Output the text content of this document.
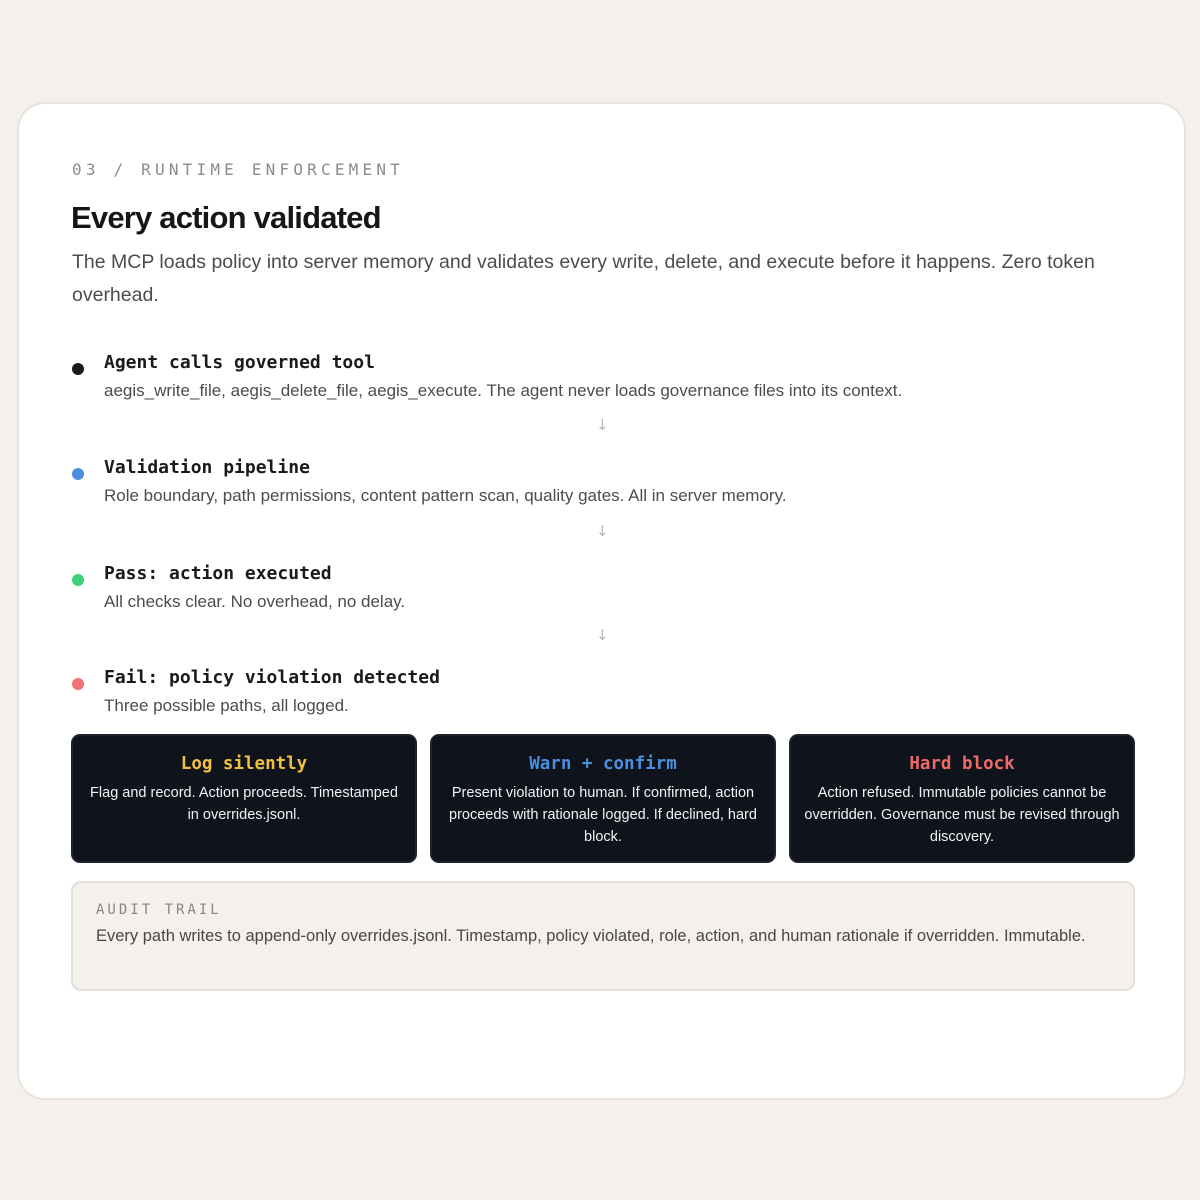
03 / RUNTIME ENFORCEMENT
Every action validated
The MCP loads policy into server memory and validates every write, delete, and execute before it happens. Zero token overhead.
Agent calls governed tool
aegis_write_file, aegis_delete_file, aegis_execute. The agent never loads governance files into its context.
↓
Validation pipeline
Role boundary, path permissions, content pattern scan, quality gates. All in server memory.
↓
Pass: action executed
All checks clear. No overhead, no delay.
↓
Fail: policy violation detected
Three possible paths, all logged.
Log silently
Flag and record. Action proceeds. Timestamped in overrides.jsonl.
Warn + confirm
Present violation to human. If confirmed, action proceeds with rationale logged. If declined, hard block.
Hard block
Action refused. Immutable policies cannot be overridden. Governance must be revised through discovery.
AUDIT TRAIL
Every path writes to append-only overrides.jsonl. Timestamp, policy violated, role, action, and human rationale if overridden. Immutable.
